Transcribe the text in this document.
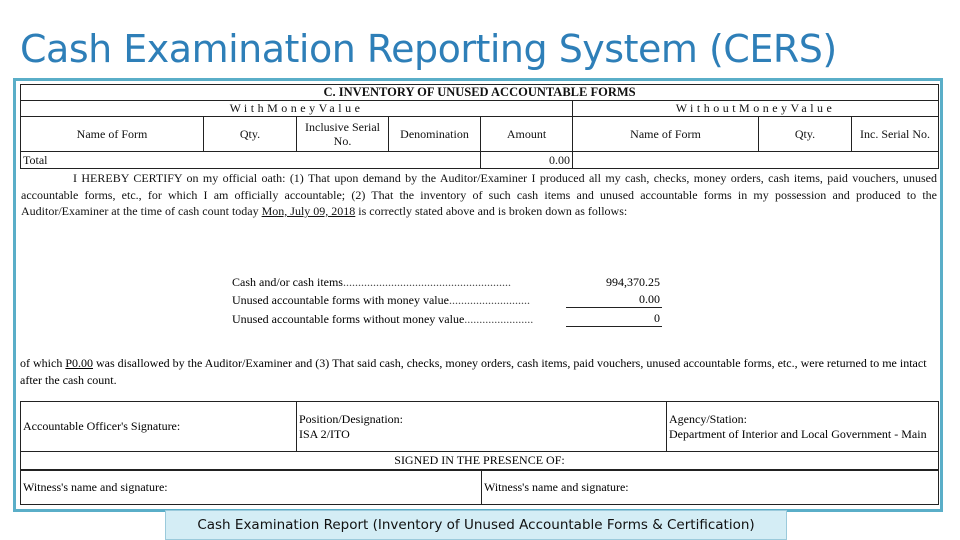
Cash Examination Reporting System (CERS)
C. INVENTORY OF UNUSED ACCOUNTABLE FORMS							
WithMoneyValue					WithoutMoneyValue		
Name of Form	Qty.	Inclusive Serial No.	Denomination	Amount	Name of Form	Qty.	Inc. Serial No.
Total				0.00			
I HEREBY CERTIFY on my official oath: (1) That upon demand by the Auditor/Examiner I produced all my cash, checks, money orders, cash items, paid vouchers, unused accountable forms, etc., for which I am officially accountable; (2) That the inventory of such cash items and unused accountable forms in my possession and produced to the Auditor/Examiner at the time of cash count today Mon, July 09, 2018 is correctly stated above and is broken down as follows:
Cash and/or cash items........................................................	994,370.25
Unused accountable forms with money value...........................	0.00
Unused accountable forms without money value.......................	0
of which P0.00 was disallowed by the Auditor/Examiner and (3) That said cash, checks, money orders, cash items, paid vouchers, unused accountable forms, etc., were returned to me intact after the cash count.
Accountable Officer's Signature:	
Position/Designation:
ISA 2/ITO

Agency/Station:
Department of Interior and Local Government - Main

SIGNED IN THE PRESENCE OF:
Witness's name and signature:	Witness's name and signature:
Cash Examination Report (Inventory of Unused Accountable Forms & Certification)
